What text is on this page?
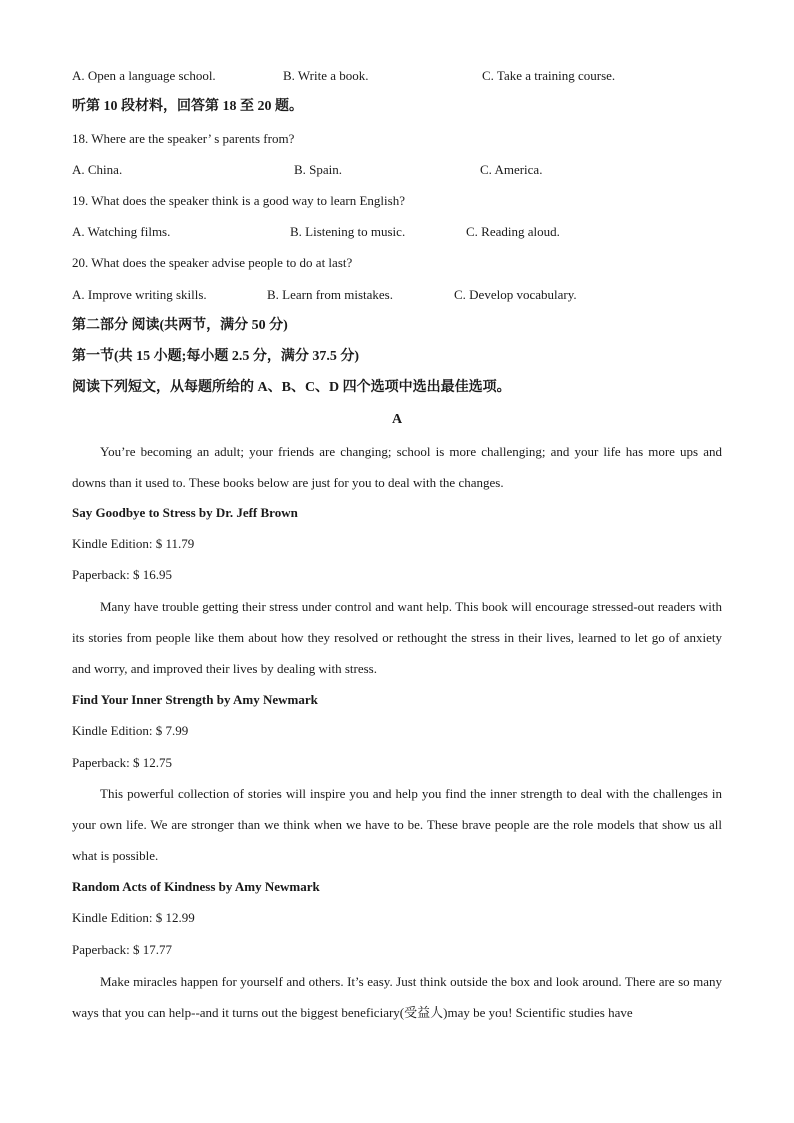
A. Open a language school.	B. Write a book.	C. Take a training course.
听第 10 段材料，回答第 18 至 20 题。
18. Where are the speaker’ s parents from?
A. China.	B. Spain.	C. America.
19. What does the speaker think is a good way to learn English?
A. Watching films.	B. Listening to music.	C. Reading aloud.
20. What does the speaker advise people to do at last?
A. Improve writing skills.	B. Learn from mistakes.	C. Develop vocabulary.
第二部分 阅读(共两节，满分 50 分)
第一节(共 15 小题;每小题 2.5 分，满分 37.5 分)
阅读下列短文，从每题所给的 A、B、C、D 四个选项中选出最佳选项。
A
You’re becoming an adult; your friends are changing; school is more challenging; and your life has more ups and downs than it used to. These books below are just for you to deal with the changes.
Say Goodbye to Stress by Dr. Jeff Brown
Kindle Edition: $ 11.79
Paperback: $ 16.95
Many have trouble getting their stress under control and want help. This book will encourage stressed-out readers with its stories from people like them about how they resolved or rethought the stress in their lives, learned to let go of anxiety and worry, and improved their lives by dealing with stress.
Find Your Inner Strength by Amy Newmark
Kindle Edition: $ 7.99
Paperback: $ 12.75
This powerful collection of stories will inspire you and help you find the inner strength to deal with the challenges in your own life. We are stronger than we think when we have to be. These brave people are the role models that show us all what is possible.
Random Acts of Kindness by Amy Newmark
Kindle Edition: $ 12.99
Paperback: $ 17.77
Make miracles happen for yourself and others. It’s easy. Just think outside the box and look around. There are so many ways that you can help--and it turns out the biggest beneficiary(受益人)may be you! Scientific studies have
